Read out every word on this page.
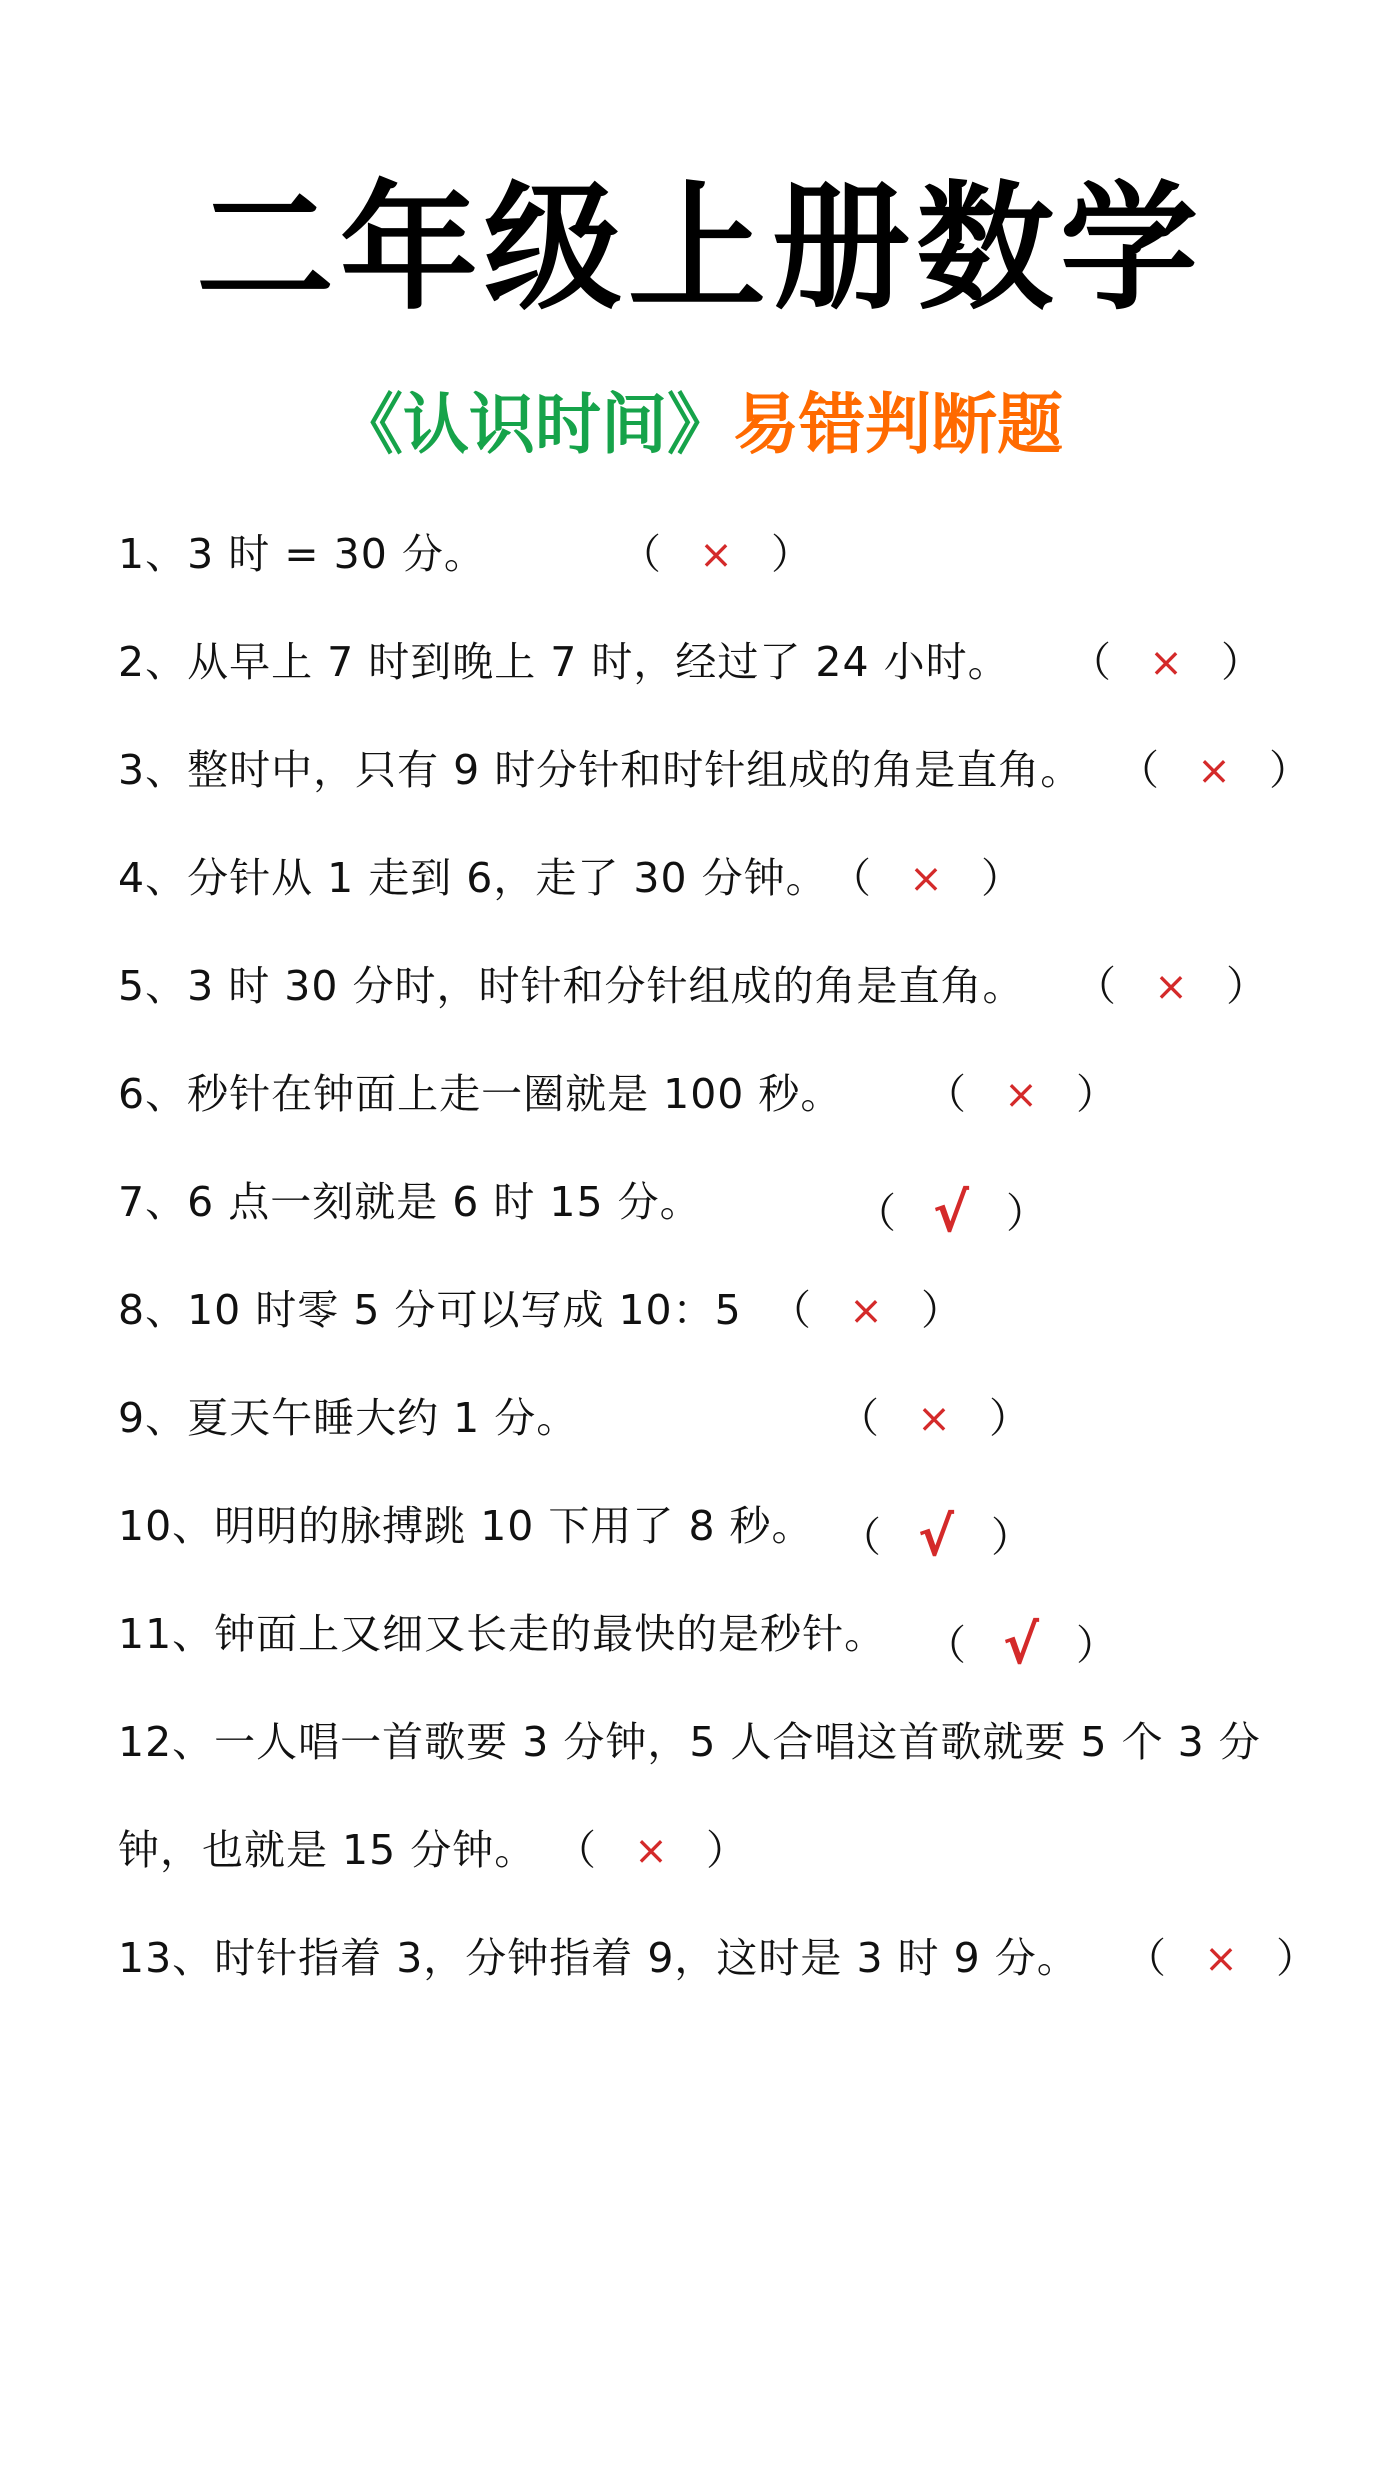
二年级上册数学
《认识时间》易错判断题
1、3 时 = 30 分。	（ × ）
2、从早上 7 时到晚上 7 时，经过了 24 小时。 （ × ）
3、整时中，只有 9 时分针和时针组成的角是直角。 （ × ）
4、分针从 1 走到 6，走了 30 分钟。 （ × ）
5、3 时 30 分时，时针和分针组成的角是直角。 （ × ）
6、秒针在钟面上走一圈就是 100 秒。 （ × ）
7、6 点一刻就是 6 时 15 分。	（ √ ）
8、10 时零 5 分可以写成 10：5 （ × ）
9、夏天午睡大约 1 分。	（ × ）
10、明明的脉搏跳 10 下用了 8 秒。 （ √ ）
11、钟面上又细又长走的最快的是秒针。 （ √ ）
12、一人唱一首歌要 3 分钟，5 人合唱这首歌就要 5 个 3 分
钟，也就是 15 分钟。 （ × ）
13、时针指着 3，分钟指着 9，这时是 3 时 9 分。 （ × ）
